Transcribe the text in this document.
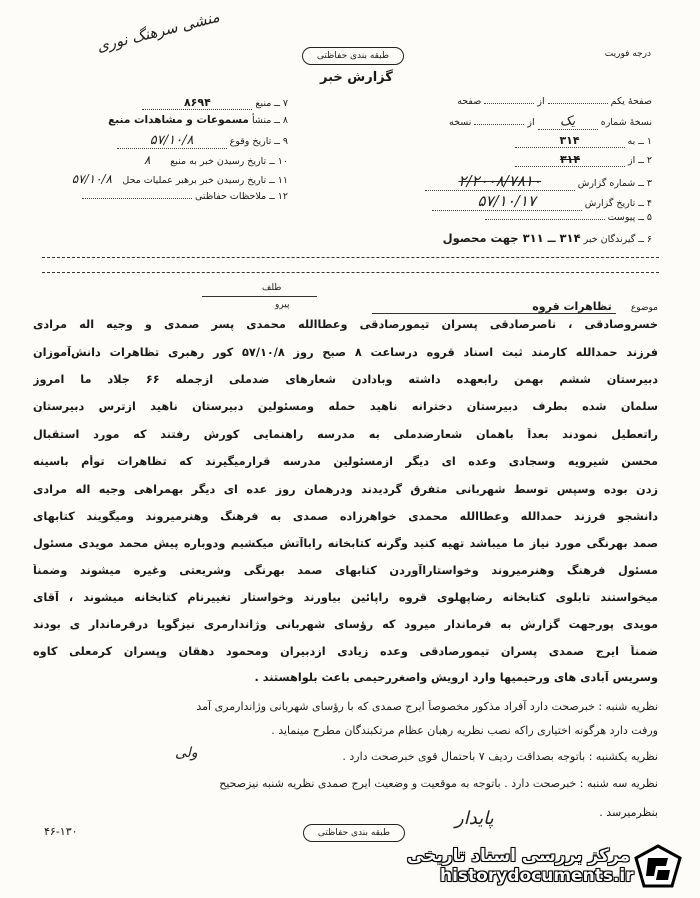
منشی سرهنگ‌ نوری
طبقه بندی حفاظتی	درجه فوریت
گزارش خبر
صفحهٔ یکم  از  صفحه
نسخهٔ شماره یک از  نسخه
۱ ــ به ۳۱۴
۲ ــ از ۳۱۴
۳ ــ شماره گزارش ۲/۲۰۰۸/۷۸۱۰
۴ ــ تاریخ گزارش ۵۷/۱۰/۱۷
۵ ــ پیوست
۶ ــ گیرندگان خبر ۳۱۴ ــ ۳۱۱ جهت محصول
۷ ــ منبع ۸۶۹۴
۸ ــ منشأ مسموعات و مشاهدات منبع
۹ ــ تاریخ وقوع ۵۷/۱۰/۸
۱۰ ــ تاریخ رسیدن خبر به منبع ۸
۱۱ ــ تاریخ رسیدن خبر برهبر عملیات محل ۵۷/۱۰/۸
۱۲ ــ ملاحظات حفاظتی
طلف
پیرو	موضوع تظاهرات قروه
خسروصادقی ، ناصرصادقی پسران تیمورصادقی وعطاالله محمدی پسر صمدی و وجیه اله مرادی
فرزند حمدالله کارمند ثبت اسناد قروه درساعت ۸ صبح روز ۵۷/۱۰/۸ کور رهبری تظاهرات دانش‌آموزان
دبیرستان ششم بهمن رابعهده داشته وبادادن شعارهای ضدملی ازجمله ۶۶ جلاد ما امروز
سلمان شده بطرف دبیرستان دخترانه ناهید حمله ومسئولین دبیرستان ناهید ازترس دبیرستان
راتعطیل نمودند بعداً باهمان شعارضدملی به مدرسه راهنمایی کورش رفتند که مورد استقبال
محسن شیرویه وسجادی وعده ای دیگر ازمسئولین مدرسه قرارمیگیرند که تظاهرات توأم باسینه
زدن بوده وسپس توسط شهربانی متفرق گردیدند ودرهمان روز عده ای دیگر بهمراهی وجیه اله مرادی
دانشجو فرزند حمدالله وعطاالله محمدی خواهرزاده صمدی به فرهنگ وهنرمیروند ومیگویند کتابهای
صمد بهرنگی مورد نیاز ما میباشد تهیه کنید وگرنه کتابخانه راباآتش میکشیم ودوباره پیش محمد مویدی مسئول
مسئول فرهنگ وهنرمیروند وخواستاراآوردن کتابهای صمد بهرنگی وشریعتی وغیره میشوند وضمناً
میخواستند تابلوی کتابخانه رضاپهلوی قروه راپائین بیاورند وخواستار تغییرنام کتابخانه میشوند ، آقای
مویدی پورجهت گزارش به فرماندار میرود که رؤسای شهربانی وژاندارمری نیزگویا درفرماندار ی بودند
ضمناً ایرج صمدی پسران تیمورصادقی وعده زیادی ازدبیران ومحمود دهقان وپسران کرمعلی کاوه
وسریس آبادی های ورحیمیها وارد ارویش واصغررحیمی باعث بلواهستند .
نظریه شنبه : خبرصحت دارد آفراد مذکور مخصوصاً ایرج صمدی که با رؤسای شهربانی وژاندارمری آمد
ورفت دارد هرگونه اختیاری راکه نصب نظریه رهبان عظام مرتکبندگان مطرح مینماید .
نظریه یکشنبه : باتوجه بصداقت ردیف ۷ باحتمال قوی خبرصحت دارد .
ولی
نظریه سه شنبه : خبرصحت دارد . باتوجه به موقعیت و وضعیت ایرج صمدی نظریه شنبه نیزصحیح
بنظرمیرسد .
۴۶-۱۳۰
پایدار
طبقه بندی حفاظتی
مرکز بررسی اسناد تاریخی
historydocuments.ir
